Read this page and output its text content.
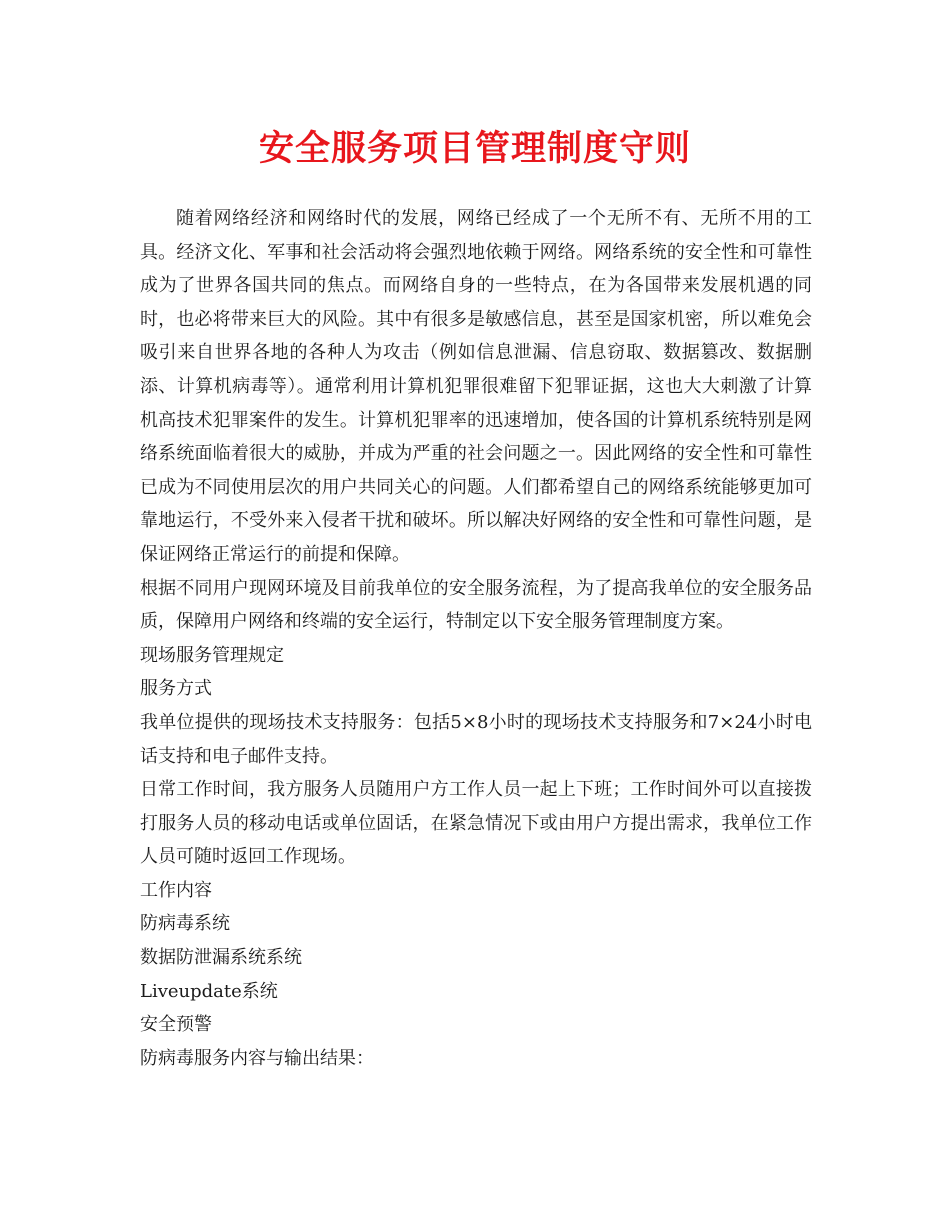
安全服务项目管理制度守则

随着网络经济和网络时代的发展，网络已经成了一个无所不有、无所不用的工具。经济文化、军事和社会活动将会强烈地依赖于网络。网络系统的安全性和可靠性成为了世界各国共同的焦点。而网络自身的一些特点，在为各国带来发展机遇的同时，也必将带来巨大的风险。其中有很多是敏感信息，甚至是国家机密，所以难免会吸引来自世界各地的各种人为攻击（例如信息泄漏、信息窃取、数据篡改、数据删添、计算机病毒等）。通常利用计算机犯罪很难留下犯罪证据，这也大大刺激了计算机高技术犯罪案件的发生。计算机犯罪率的迅速增加，使各国的计算机系统特别是网络系统面临着很大的威胁，并成为严重的社会问题之一。因此网络的安全性和可靠性已成为不同使用层次的用户共同关心的问题。人们都希望自己的网络系统能够更加可靠地运行，不受外来入侵者干扰和破坏。所以解决好网络的安全性和可靠性问题，是保证网络正常运行的前提和保障。

根据不同用户现网环境及目前我单位的安全服务流程，为了提高我单位的安全服务品质，保障用户网络和终端的安全运行，特制定以下安全服务管理制度方案。

现场服务管理规定

服务方式

我单位提供的现场技术支持服务：包括5×8小时的现场技术支持服务和7×24小时电话支持和电子邮件支持。

日常工作时间，我方服务人员随用户方工作人员一起上下班；工作时间外可以直接拨打服务人员的移动电话或单位固话，在紧急情况下或由用户方提出需求，我单位工作人员可随时返回工作现场。

工作内容

防病毒系统

数据防泄漏系统系统

Liveupdate系统

安全预警

防病毒服务内容与输出结果：
